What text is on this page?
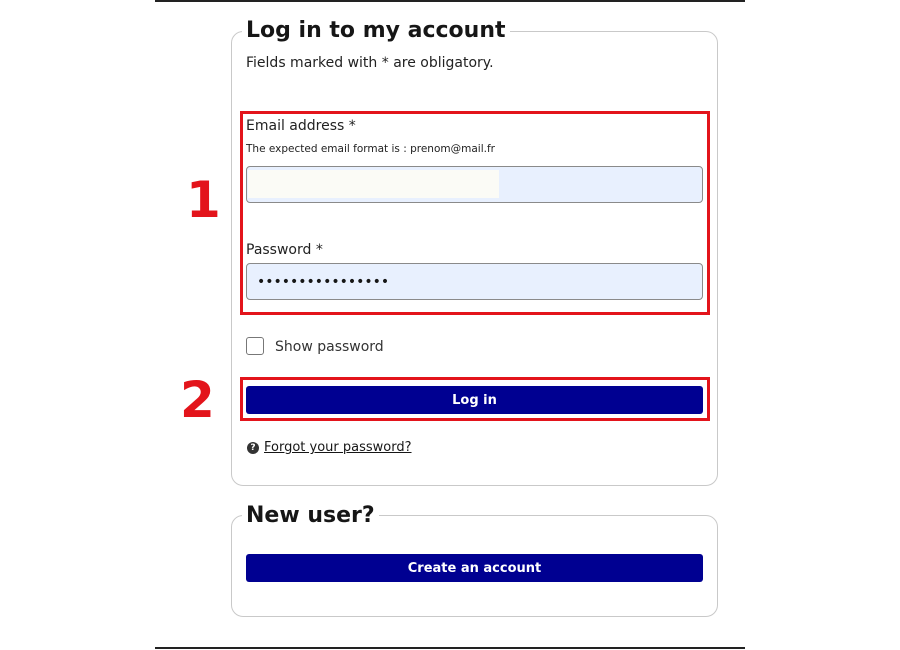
Log in to my account
Fields marked with * are obligatory.
Email address *
The expected email format is : prenom@mail.fr
Password *
••••••••••••••••
Show password
Log in
? Forgot your password?
New user?
Create an account
1
2
